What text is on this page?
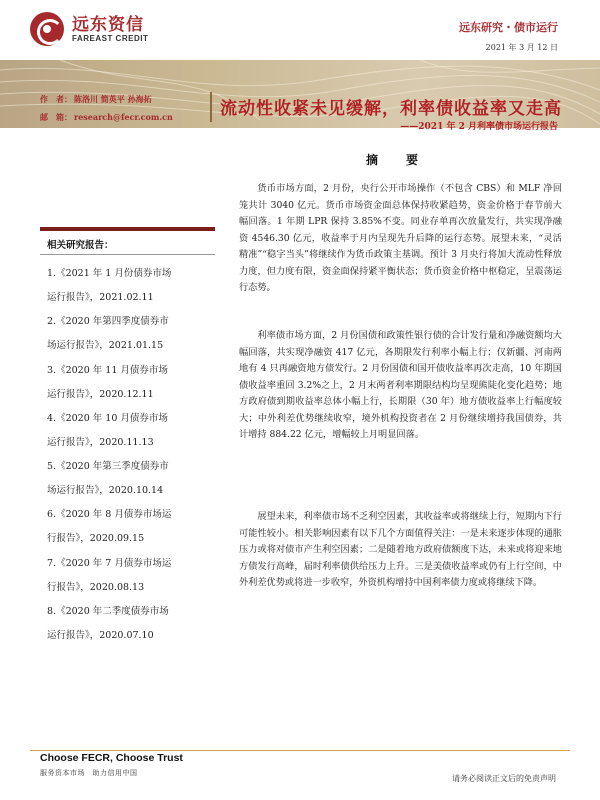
远东资信
FAREAST CREDIT
远东研究・债市运行
2021 年 3 月 12 日
作　者： 陈洛川 简英平 孙海拓
邮　箱： research@fecr.com.cn	流动性收紧未见缓解，利率债收益率又走高
——2021 年 2 月利率债市场运行报告
相关研究报告：
1.《2021 年 1 月份债券市场
运行报告》，2021.02.11
2.《2020 年第四季度债券市
场运行报告》，2021.01.15
3.《2020 年 11 月债券市场
运行报告》，2020.12.11
4.《2020 年 10 月债券市场
运行报告》，2020.11.13
5.《2020 年第三季度债券市
场运行报告》，2020.10.14
6.《2020 年 8 月债券市场运
行报告》，2020.09.15
7.《2020 年 7 月债券市场运
行报告》，2020.08.13
8.《2020 年二季度债券市场
运行报告》，2020.07.10
摘　要

货币市场方面，2 月份，央行公开市场操作（不包含 CBS）和 MLF 净回笼共计 3040 亿元。货币市场资金面总体保持收紧趋势，资金价格于春节前大幅回落。1 年期 LPR 保持 3.85%不变。同业存单再次放量发行，共实现净融资 4546.30 亿元，收益率于月内呈现先升后降的运行态势。展望未来，“灵活精准”“稳字当头”将继续作为货币政策主基调。预计 3 月央行将加大流动性释放力度，但力度有限，资金面保持紧平衡状态；货币资金价格中枢稳定，呈震荡运行态势。

利率债市场方面，2 月份国债和政策性银行债的合计发行量和净融资额均大幅回落，共实现净融资 417 亿元，各期限发行利率小幅上行；仅新疆、河南两地有 4 只再融资地方债发行。2 月份国债和国开债收益率再次走高，10 年期国债收益率重回 3.2%之上，2 月末两者利率期限结构均呈现熊陡化变化趋势；地方政府债到期收益率总体小幅上行，长期限（30 年）地方债收益率上行幅度较大；中外利差优势继续收窄，境外机构投资者在 2 月份继续增持我国债券，共计增持 884.22 亿元，增幅较上月明显回落。

展望未来，利率债市场不乏利空因素，其收益率或将继续上行，短期内下行可能性较小。相关影响因素有以下几个方面值得关注：一是未来逐步体现的通胀压力或将对债市产生利空因素；二是随着地方政府债额度下达，未来或将迎来地方债发行高峰，届时利率债供给压力上升。三是美债收益率或仍有上行空间，中外利差优势或将进一步收窄，外资机构增持中国利率债力度或将继续下降。

Choose FECR, Choose Trust
服务资本市场　助力信用中国
请务必阅读正文后的免责声明
